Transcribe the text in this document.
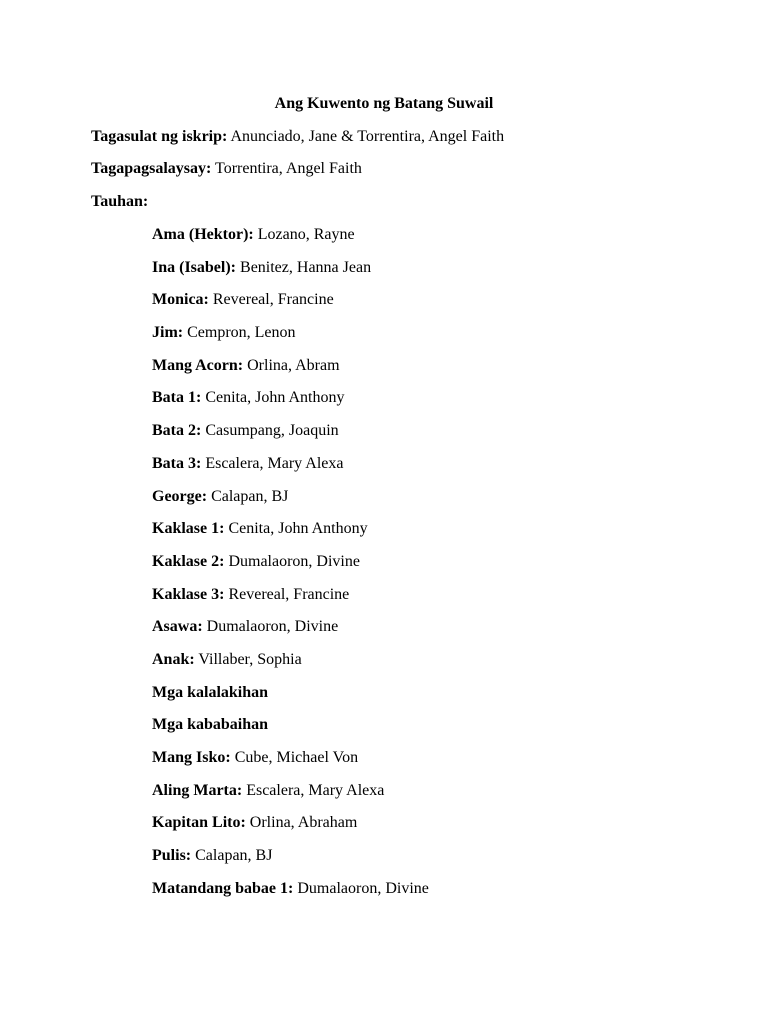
Ang Kuwento ng Batang Suwail
Tagasulat ng iskrip: Anunciado, Jane & Torrentira, Angel Faith
Tagapagsalaysay: Torrentira, Angel Faith
Tauhan:
Ama (Hektor): Lozano, Rayne
Ina (Isabel): Benitez, Hanna Jean
Monica: Revereal, Francine
Jim: Cempron, Lenon
Mang Acorn: Orlina, Abram
Bata 1: Cenita, John Anthony
Bata 2: Casumpang, Joaquin
Bata 3: Escalera, Mary Alexa
George: Calapan, BJ
Kaklase 1: Cenita, John Anthony
Kaklase 2: Dumalaoron, Divine
Kaklase 3: Revereal, Francine
Asawa: Dumalaoron, Divine
Anak: Villaber, Sophia
Mga kalalakihan
Mga kababaihan
Mang Isko: Cube, Michael Von
Aling Marta: Escalera, Mary Alexa
Kapitan Lito: Orlina, Abraham
Pulis: Calapan, BJ
Matandang babae 1: Dumalaoron, Divine
